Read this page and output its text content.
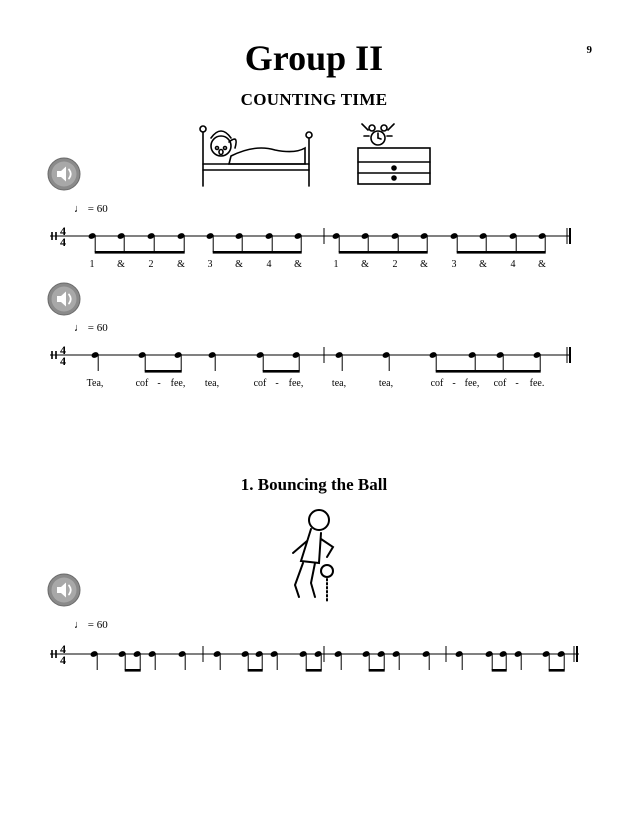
Group II	9
COUNTING TIME
1. Bouncing the Ball
♩ = 60
♩ = 60
♩ = 60
4
4
1 & 2 & 3 & 4 &	1 & 2 & 3 & 4 &
4
4
Tea,	cof - fee, tea,	cof - fee,	tea,	tea,	cof - fee, cof - fee.
4
4
